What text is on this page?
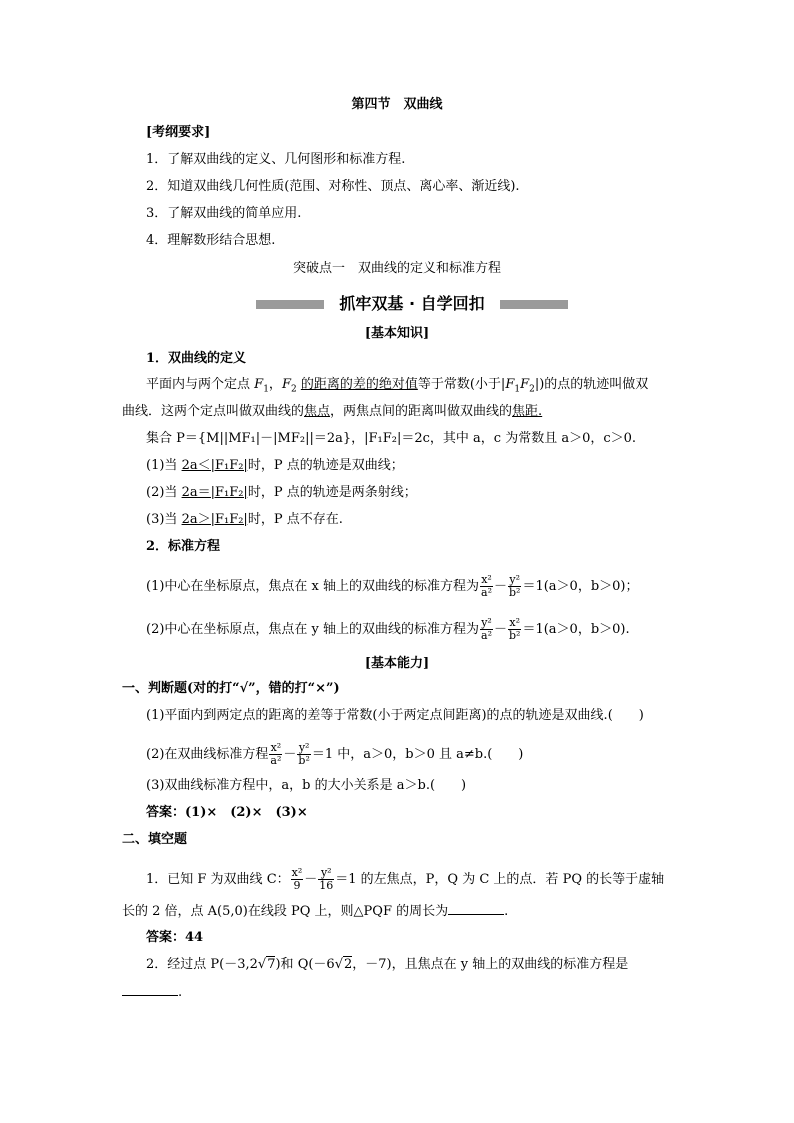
第四节　双曲线
[考纲要求]
1．了解双曲线的定义、几何图形和标准方程.
2．知道双曲线几何性质(范围、对称性、顶点、离心率、渐近线).
3．了解双曲线的简单应用.
4．理解数形结合思想.
突破点一　双曲线的定义和标准方程
抓牢双基 · 自学回扣
[基本知识]
1．双曲线的定义
平面内与两个定点 $F_1$，$F_2$ 的距离的差的绝对值等于常数(小于$|F_1F_2|$)的点的轨迹叫做双
曲线．这两个定点叫做双曲线的焦点，两焦点间的距离叫做双曲线的焦距.
集合 P＝{M||MF₁|－|MF₂||＝2a}，|F₁F₂|＝2c，其中 a，c 为常数且 a＞0，c＞0.
(1)当 2a＜|F₁F₂|时，P 点的轨迹是双曲线；
(2)当 2a＝|F₁F₂|时，P 点的轨迹是两条射线；
(3)当 2a＞|F₁F₂|时，P 点不存在.
2．标准方程
(1)中心在坐标原点，焦点在 x 轴上的双曲线的标准方程为 $\frac{\text{x²}}{\text{a²}} - \frac{\text{y²}}{\text{b²}} =1(a>0$，b＞0)；
(2)中心在坐标原点，焦点在 y 轴上的双曲线的标准方程为 $\frac{\text{y²}}{\text{a²}} - \frac{\text{x²}}{\text{b²}} =1(a>0$，b＞0).
[基本能力]
一、判断题(对的打“√”，错的打“×”)
(1)平面内到两定点的距离的差等于常数(小于两定点间距离)的点的轨迹是双曲线.(　　)
(2)在双曲线标准方程 $\frac{\text{x²}}{\text{a²}} - \frac{\text{y²}}{\text{b²}} =1$ 中，a＞0，b＞0 且 a≠b.(　　)
(3)双曲线标准方程中，a，b 的大小关系是 a＞b.(　　)
答案：(1)×　(2)×　(3)×
二、填空题
1．已知 F 为双曲线 C： $\frac{\text{x²}}{9} - \frac{\text{y²}}{16} =1$ 的左焦点，P，Q 为 C 上的点．若 PQ 的长等于虚轴
长的 2 倍，点 A(5,0)在线段 PQ 上，则△PQF 的周长为	.
答案：44
2．经过点 P(－3,2√7)和 Q(－6√2，－7)，且焦点在 y 轴上的双曲线的标准方程是
.
